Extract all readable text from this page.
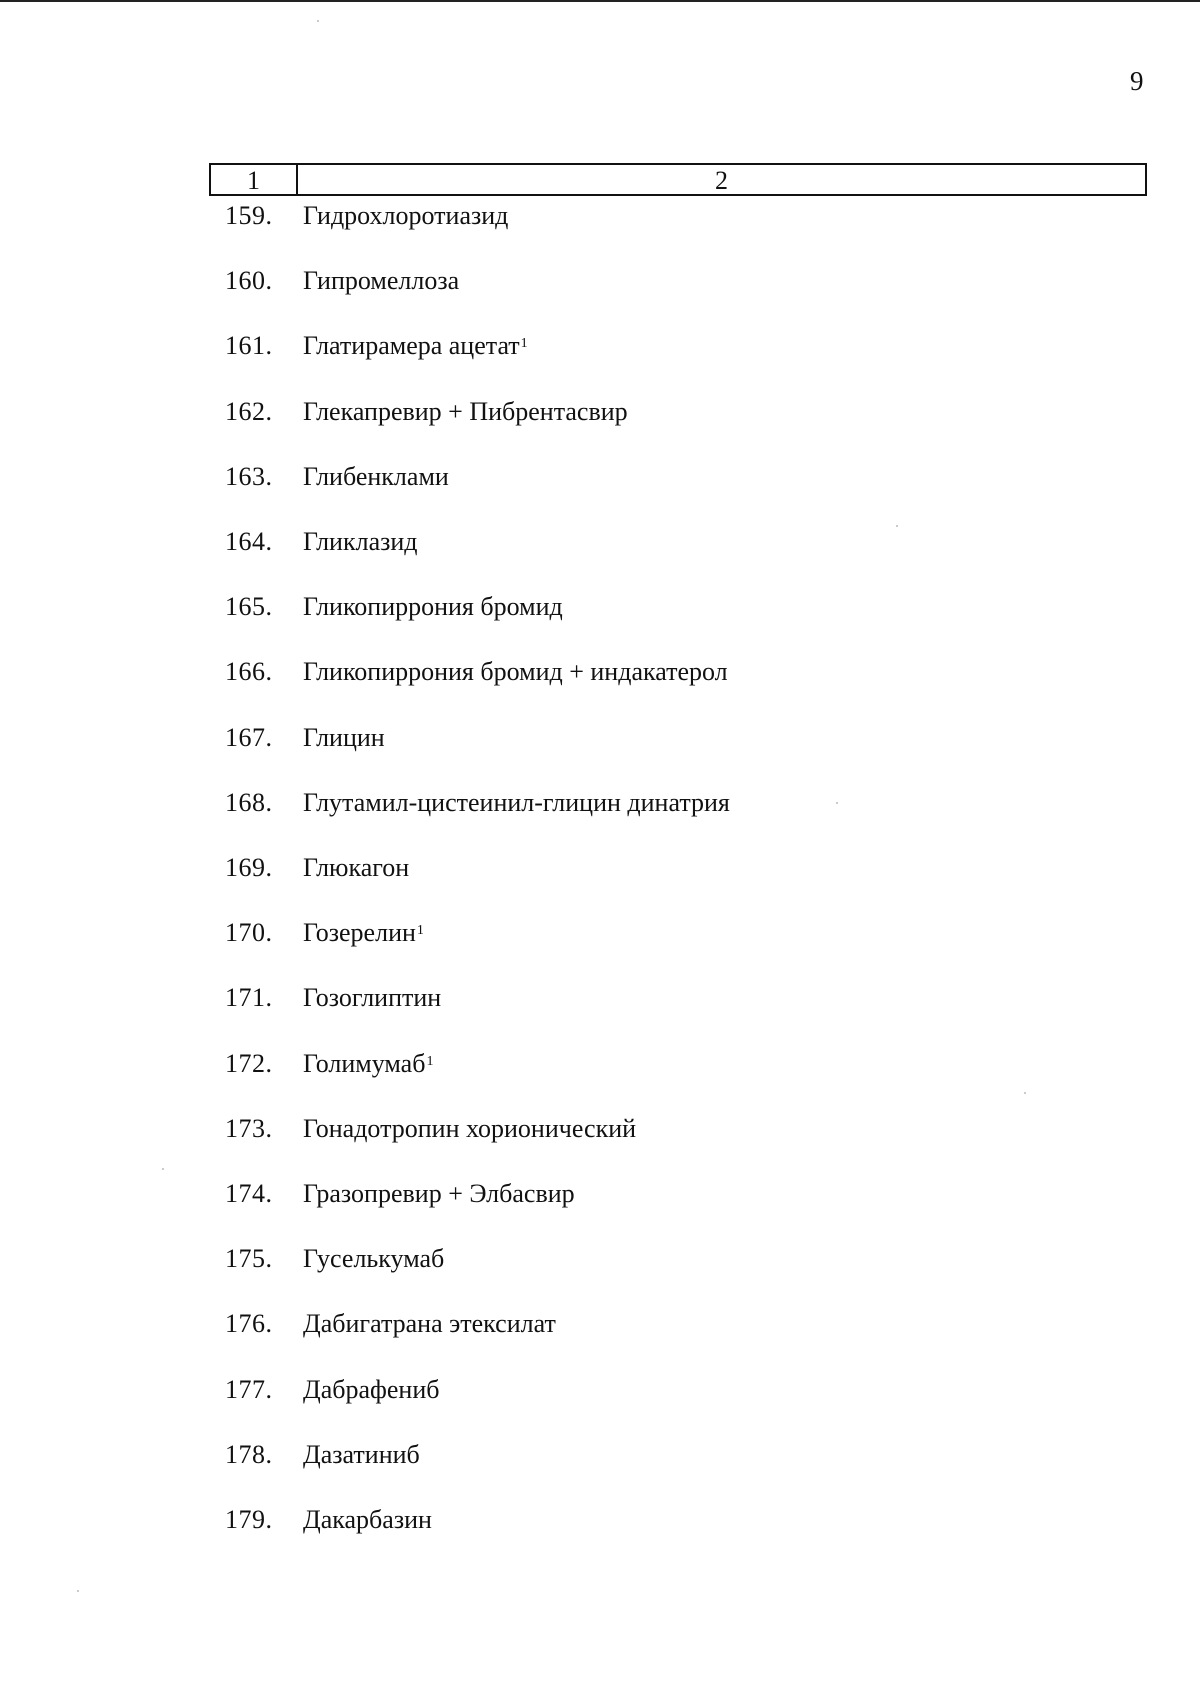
9
1	2
159. Гидрохлоротиазид
160. Гипромеллоза
161. Глатирамера ацетат$^1$
162. Глекапревир + Пибрентасвир
163. Глибенклами
164. Гликлазид
165. Гликопиррония бромид
166. Гликопиррония бромид + индакатерол
167. Глицин
168. Глутамил-цистеинил-глицин динатрия
169. Глюкагон
170. Гозерелин$^1$
171. Гозоглиптин
172. Голимумаб$^1$
173. Гонадотропин хорионический
174. Гразопревир + Элбасвир
175. Гуселькумаб
176. Дабигатрана этексилат
177. Дабрафениб
178. Дазатиниб
179. Дакарбазин
